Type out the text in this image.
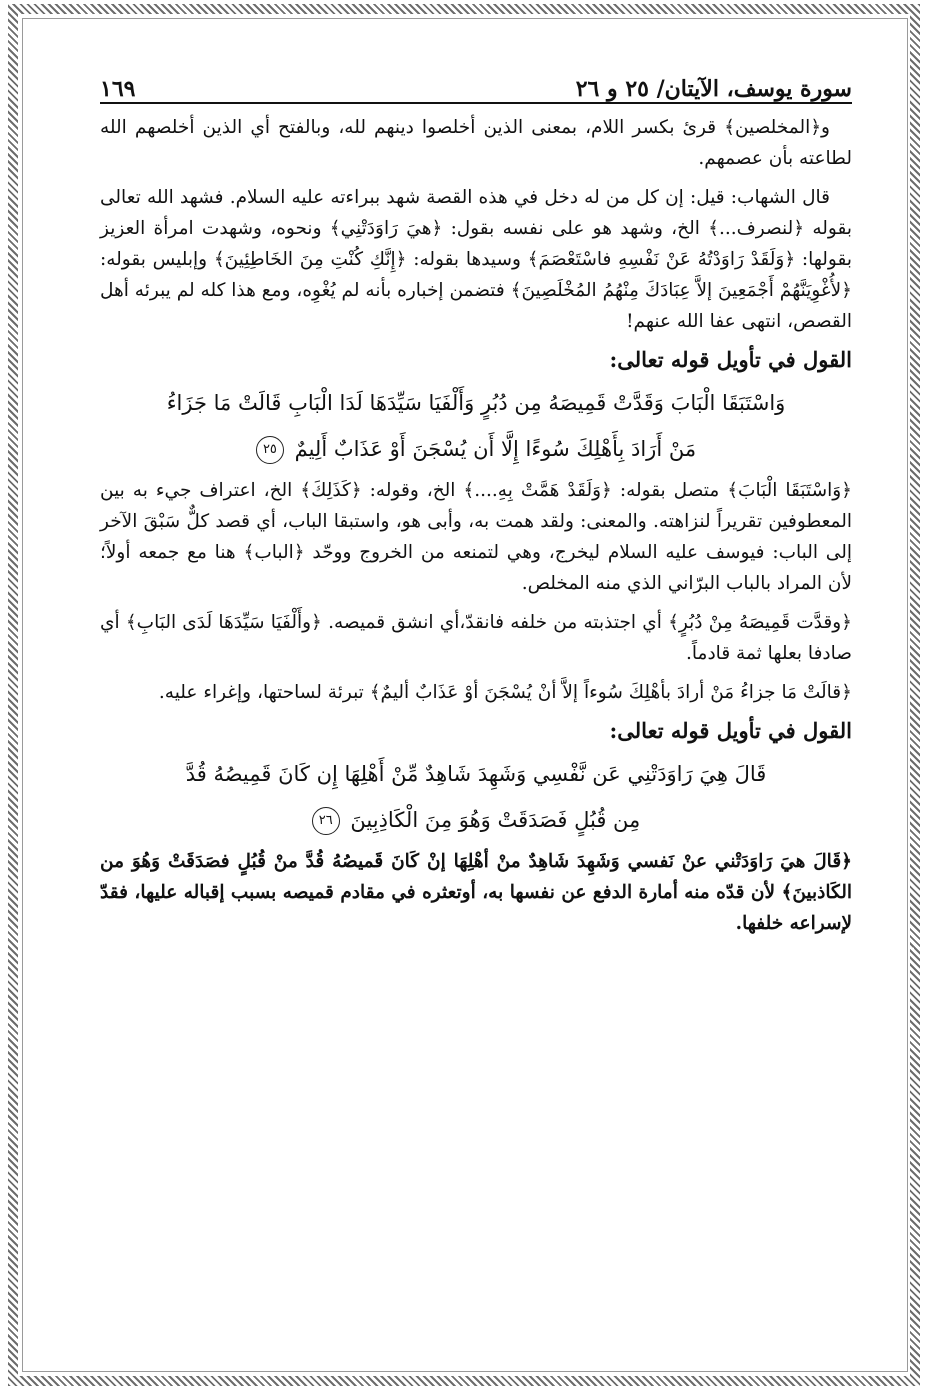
سورة يوسف، الآيتان/ ٢٥ و ٢٦
١٦٩

و﴿المخلصين﴾ قرئ بكسر اللام، بمعنى الذين أخلصوا دينهم لله، وبالفتح أي الذين أخلصهم الله لطاعته بأن عصمهم.

قال الشهاب: قيل: إن كل من له دخل في هذه القصة شهد ببراءته عليه السلام. فشهد الله تعالى بقوله ﴿لنصرف...﴾ الخ، وشهد هو على نفسه بقول: ﴿هيَ رَاوَدَتْنِي﴾ ونحوه، وشهدت امرأة العزيز بقولها: ﴿وَلَقَدْ رَاوَدْتُهُ عَنْ نَفْسِهِ فاسْتَعْصَمَ﴾ وسيدها بقوله: ﴿إِنَّكِ كُنْتِ مِنَ الخَاطِئِينَ﴾ وإبليس بقوله: ﴿لأُغْوِيَنَّهُمْ أَجْمَعِينَ إلاَّ عِبَادَكَ مِنْهُمُ المُخْلَصِينَ﴾ فتضمن إخباره بأنه لم يُغْوِه، ومع هذا كله لم يبرئه أهل القصص، انتهى عفا الله عنهم!

القول في تأويل قوله تعالى:
وَاسْتَبَقَا الْبَابَ وَقَدَّتْ قَمِيصَهُ مِن دُبُرٍ وَأَلْفَيَا سَيِّدَهَا لَدَا الْبَابِ قَالَتْ مَا جَزَاءُ
مَنْ أَرَادَ بِأَهْلِكَ سُوءًا إِلَّا أَن يُسْجَنَ أَوْ عَذَابٌ أَلِيمٌ ٢٥

﴿وَاسْتَبَقَا الْبَابَ﴾ متصل بقوله: ﴿وَلَقَدْ هَمَّتْ بِهِ....﴾ الخ، وقوله: ﴿كَذَلِكَ﴾ الخ، اعتراف جيء به بين المعطوفين تقريراً لنزاهته. والمعنى: ولقد همت به، وأبى هو، واستبقا الباب، أي قصد كلٌّ سَبْقَ الآخر إلى الباب: فيوسف عليه السلام ليخرج، وهي لتمنعه من الخروج ووحّد ﴿الباب﴾ هنا مع جمعه أولاً؛ لأن المراد بالباب البرّاني الذي منه المخلص.

﴿وقدَّت قَمِيصَهُ مِنْ دُبُرٍ﴾ أي اجتذبته من خلفه فانقدّ،أي انشق قميصه. ﴿وأَلْفَيَا سَيِّدَهَا لَدَى البَابِ﴾ أي صادفا بعلها ثمة قادماً.

﴿قالَتْ مَا جزاءُ مَنْ أرادَ بأهْلِكَ سُوءاً إلاَّ أنْ يُسْجَنَ أوْ عَذَابٌ أليمٌ﴾ تبرئة لساحتها، وإغراء عليه.

القول في تأويل قوله تعالى:
قَالَ هِيَ رَاوَدَتْنِي عَن نَّفْسِي وَشَهِدَ شَاهِدٌ مِّنْ أَهْلِهَا إِن كَانَ قَمِيصُهُ قُدَّ
مِن قُبُلٍ فَصَدَقَتْ وَهُوَ مِنَ الْكَاذِبِينَ ٢٦

﴿قَالَ هيَ رَاوَدَتْني عنْ نَفسي وَشَهِدَ شَاهِدٌ منْ أهْلِهَا إنْ كَانَ قَميصُهُ قُدَّ منْ قُبُلٍ فصَدَقَتْ وَهُوَ من الكَاذبينَ﴾ لأن قدّه منه أمارة الدفع عن نفسها به، أوتعثره في مقادم قميصه بسبب إقباله عليها، فقدّ لإسراعه خلفها.
